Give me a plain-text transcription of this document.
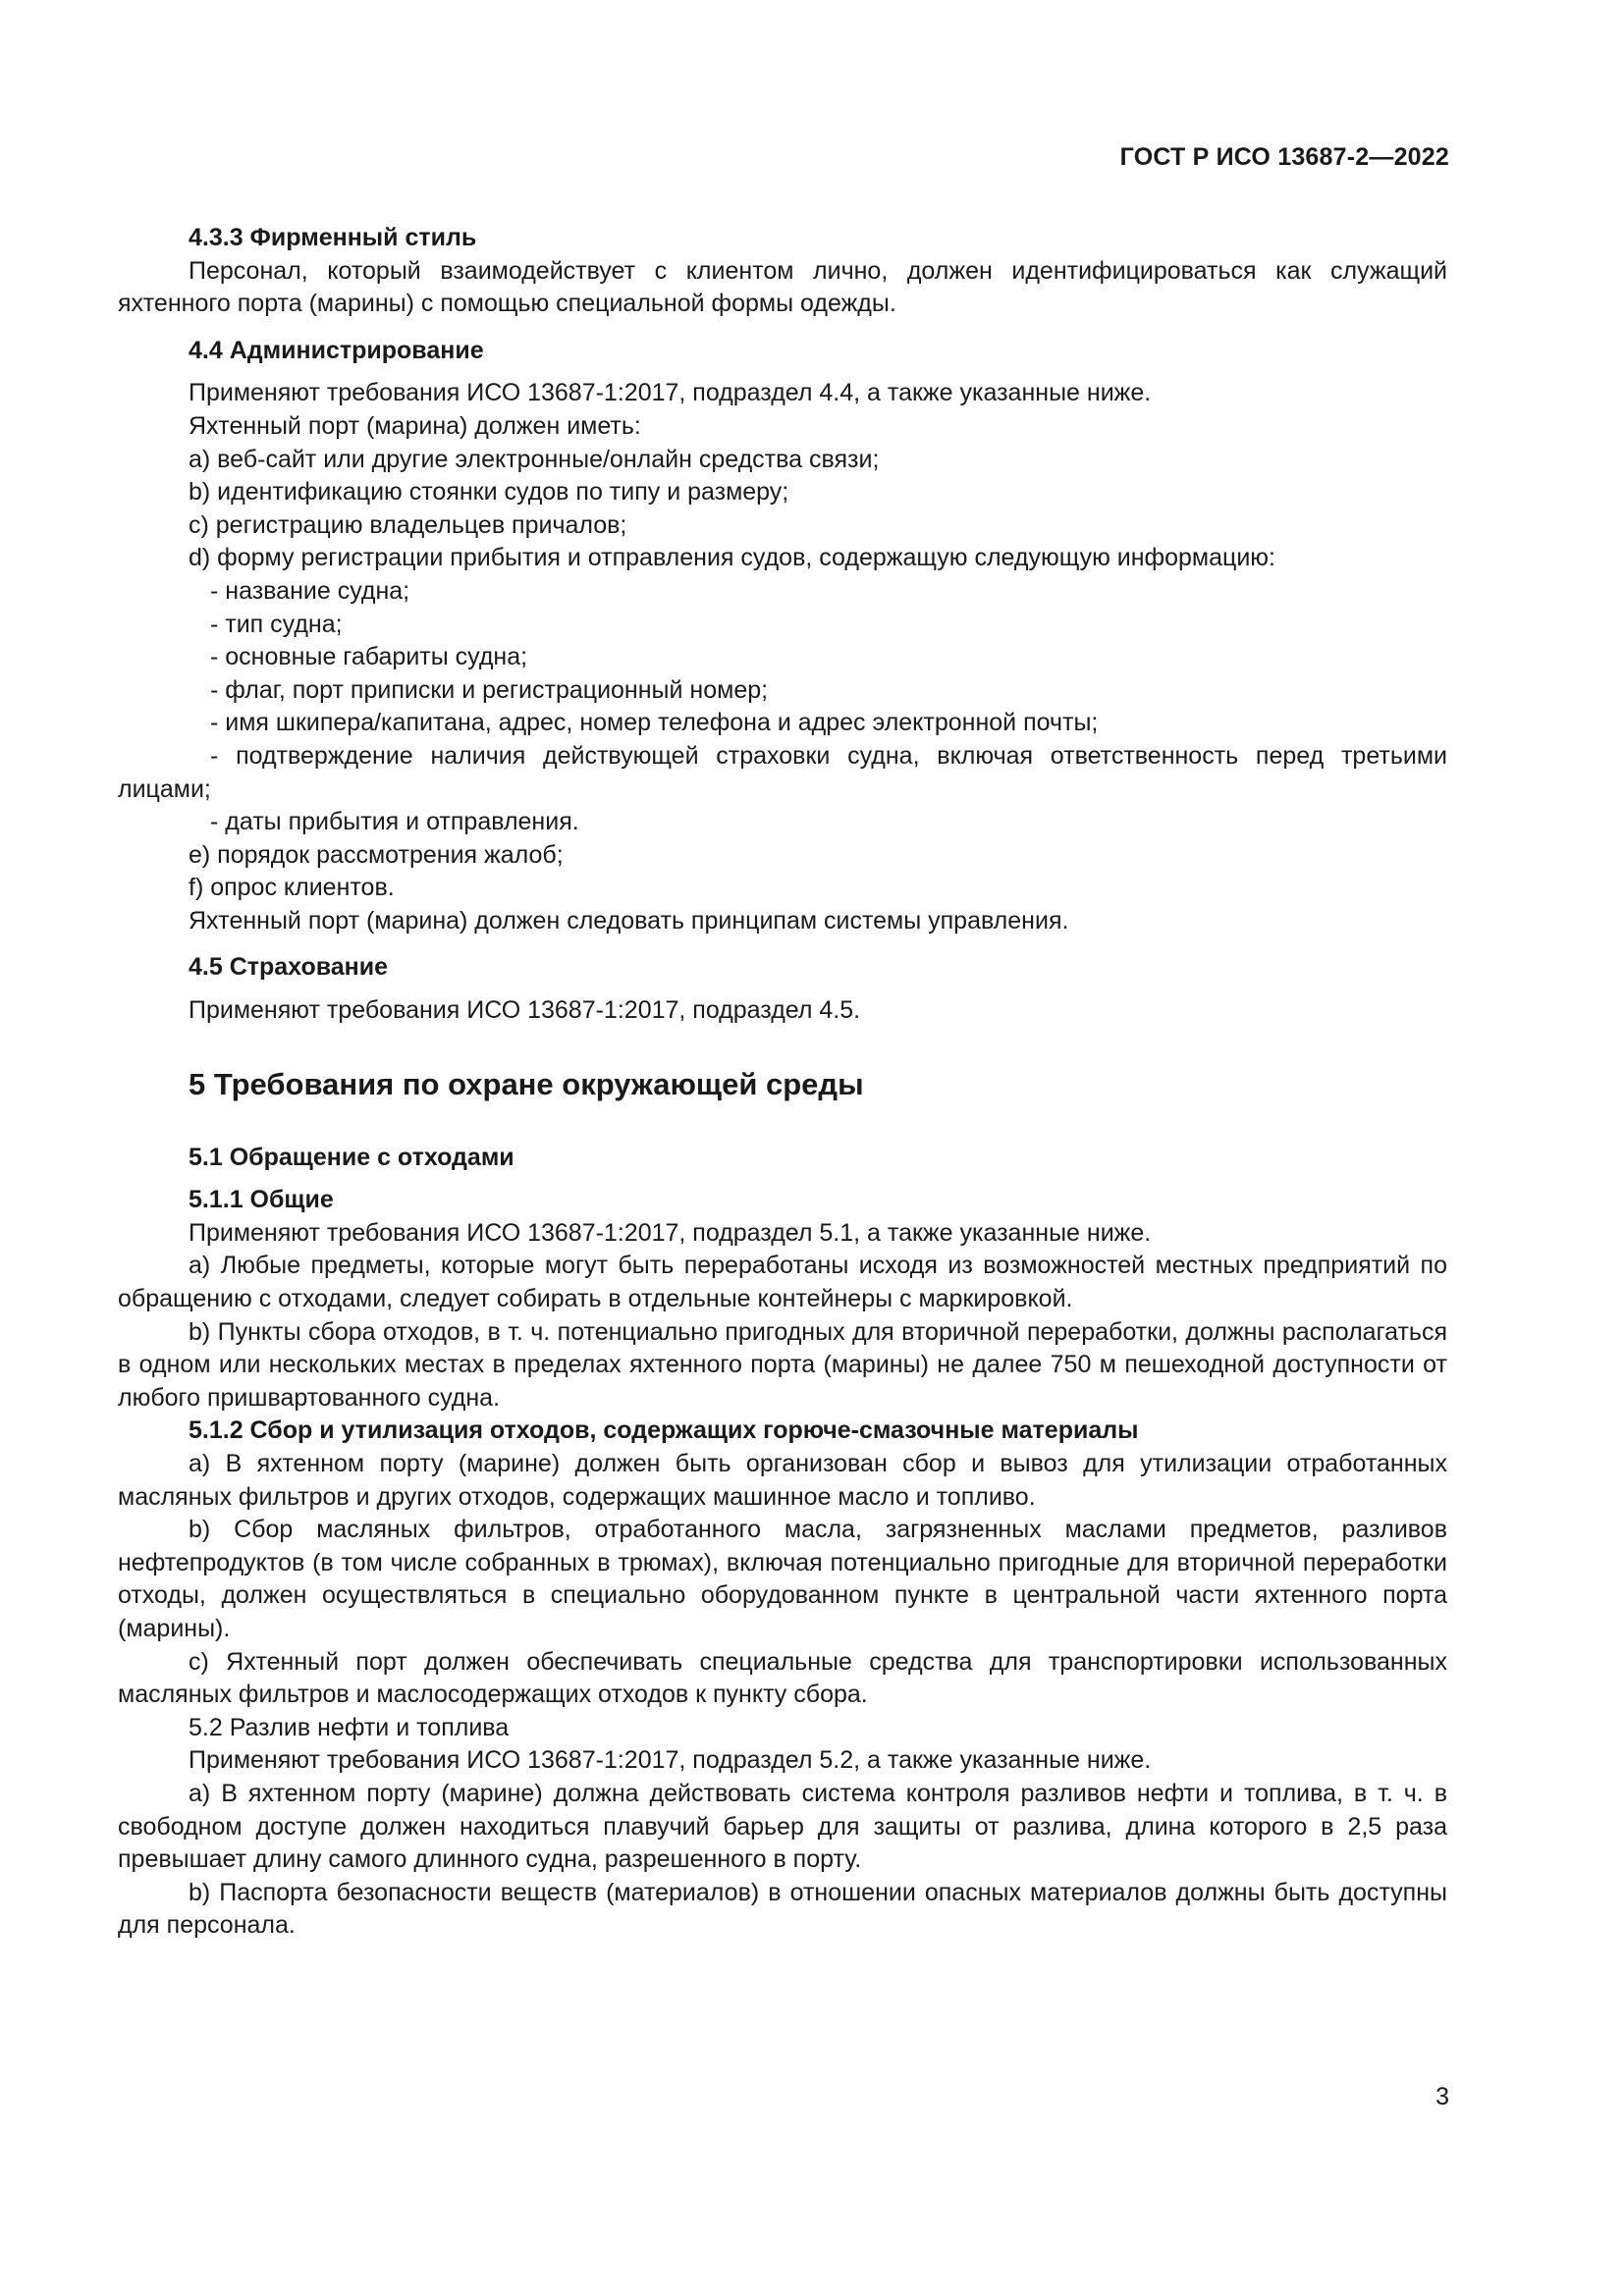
ГОСТ Р ИСО 13687-2—2022
4.3.3 Фирменный стиль

Персонал, который взаимодействует с клиентом лично, должен идентифицироваться как служащий яхтенного порта (марины) с помощью специальной формы одежды.

4.4 Администрирование

Применяют требования ИСО 13687-1:2017, подраздел 4.4, а также указанные ниже.

Яхтенный порт (марина) должен иметь:

a) веб-сайт или другие электронные/онлайн средства связи;

b) идентификацию стоянки судов по типу и размеру;

c) регистрацию владельцев причалов;

d) форму регистрации прибытия и отправления судов, содержащую следующую информацию:

- название судна;

- тип судна;

- основные габариты судна;

- флаг, порт приписки и регистрационный номер;

- имя шкипера/капитана, адрес, номер телефона и адрес электронной почты;

- подтверждение наличия действующей страховки судна, включая ответственность перед третьими лицами;

- даты прибытия и отправления.

e) порядок рассмотрения жалоб;

f) опрос клиентов.

Яхтенный порт (марина) должен следовать принципам системы управления.

4.5 Страхование

Применяют требования ИСО 13687-1:2017, подраздел 4.5.

5 Требования по охране окружающей среды
5.1 Обращение с отходами
5.1.1 Общие

Применяют требования ИСО 13687-1:2017, подраздел 5.1, а также указанные ниже.

a) Любые предметы, которые могут быть переработаны исходя из возможностей местных предприятий по обращению с отходами, следует собирать в отдельные контейнеры с маркировкой.

b) Пункты сбора отходов, в т. ч. потенциально пригодных для вторичной переработки, должны располагаться в одном или нескольких местах в пределах яхтенного порта (марины) не далее 750 м пешеходной доступности от любого пришвартованного судна.

5.1.2 Сбор и утилизация отходов, содержащих горюче-смазочные материалы

a) В яхтенном порту (марине) должен быть организован сбор и вывоз для утилизации отработанных масляных фильтров и других отходов, содержащих машинное масло и топливо.

b) Сбор масляных фильтров, отработанного масла, загрязненных маслами предметов, разливов нефтепродуктов (в том числе собранных в трюмах), включая потенциально пригодные для вторичной переработки отходы, должен осуществляться в специально оборудованном пункте в центральной части яхтенного порта (марины).

c) Яхтенный порт должен обеспечивать специальные средства для транспортировки использованных масляных фильтров и маслосодержащих отходов к пункту сбора.

5.2 Разлив нефти и топлива

Применяют требования ИСО 13687-1:2017, подраздел 5.2, а также указанные ниже.

a) В яхтенном порту (марине) должна действовать система контроля разливов нефти и топлива, в т. ч. в свободном доступе должен находиться плавучий барьер для защиты от разлива, длина которого в 2,5 раза превышает длину самого длинного судна, разрешенного в порту.

b) Паспорта безопасности веществ (материалов) в отношении опасных материалов должны быть доступны для персонала.

3
